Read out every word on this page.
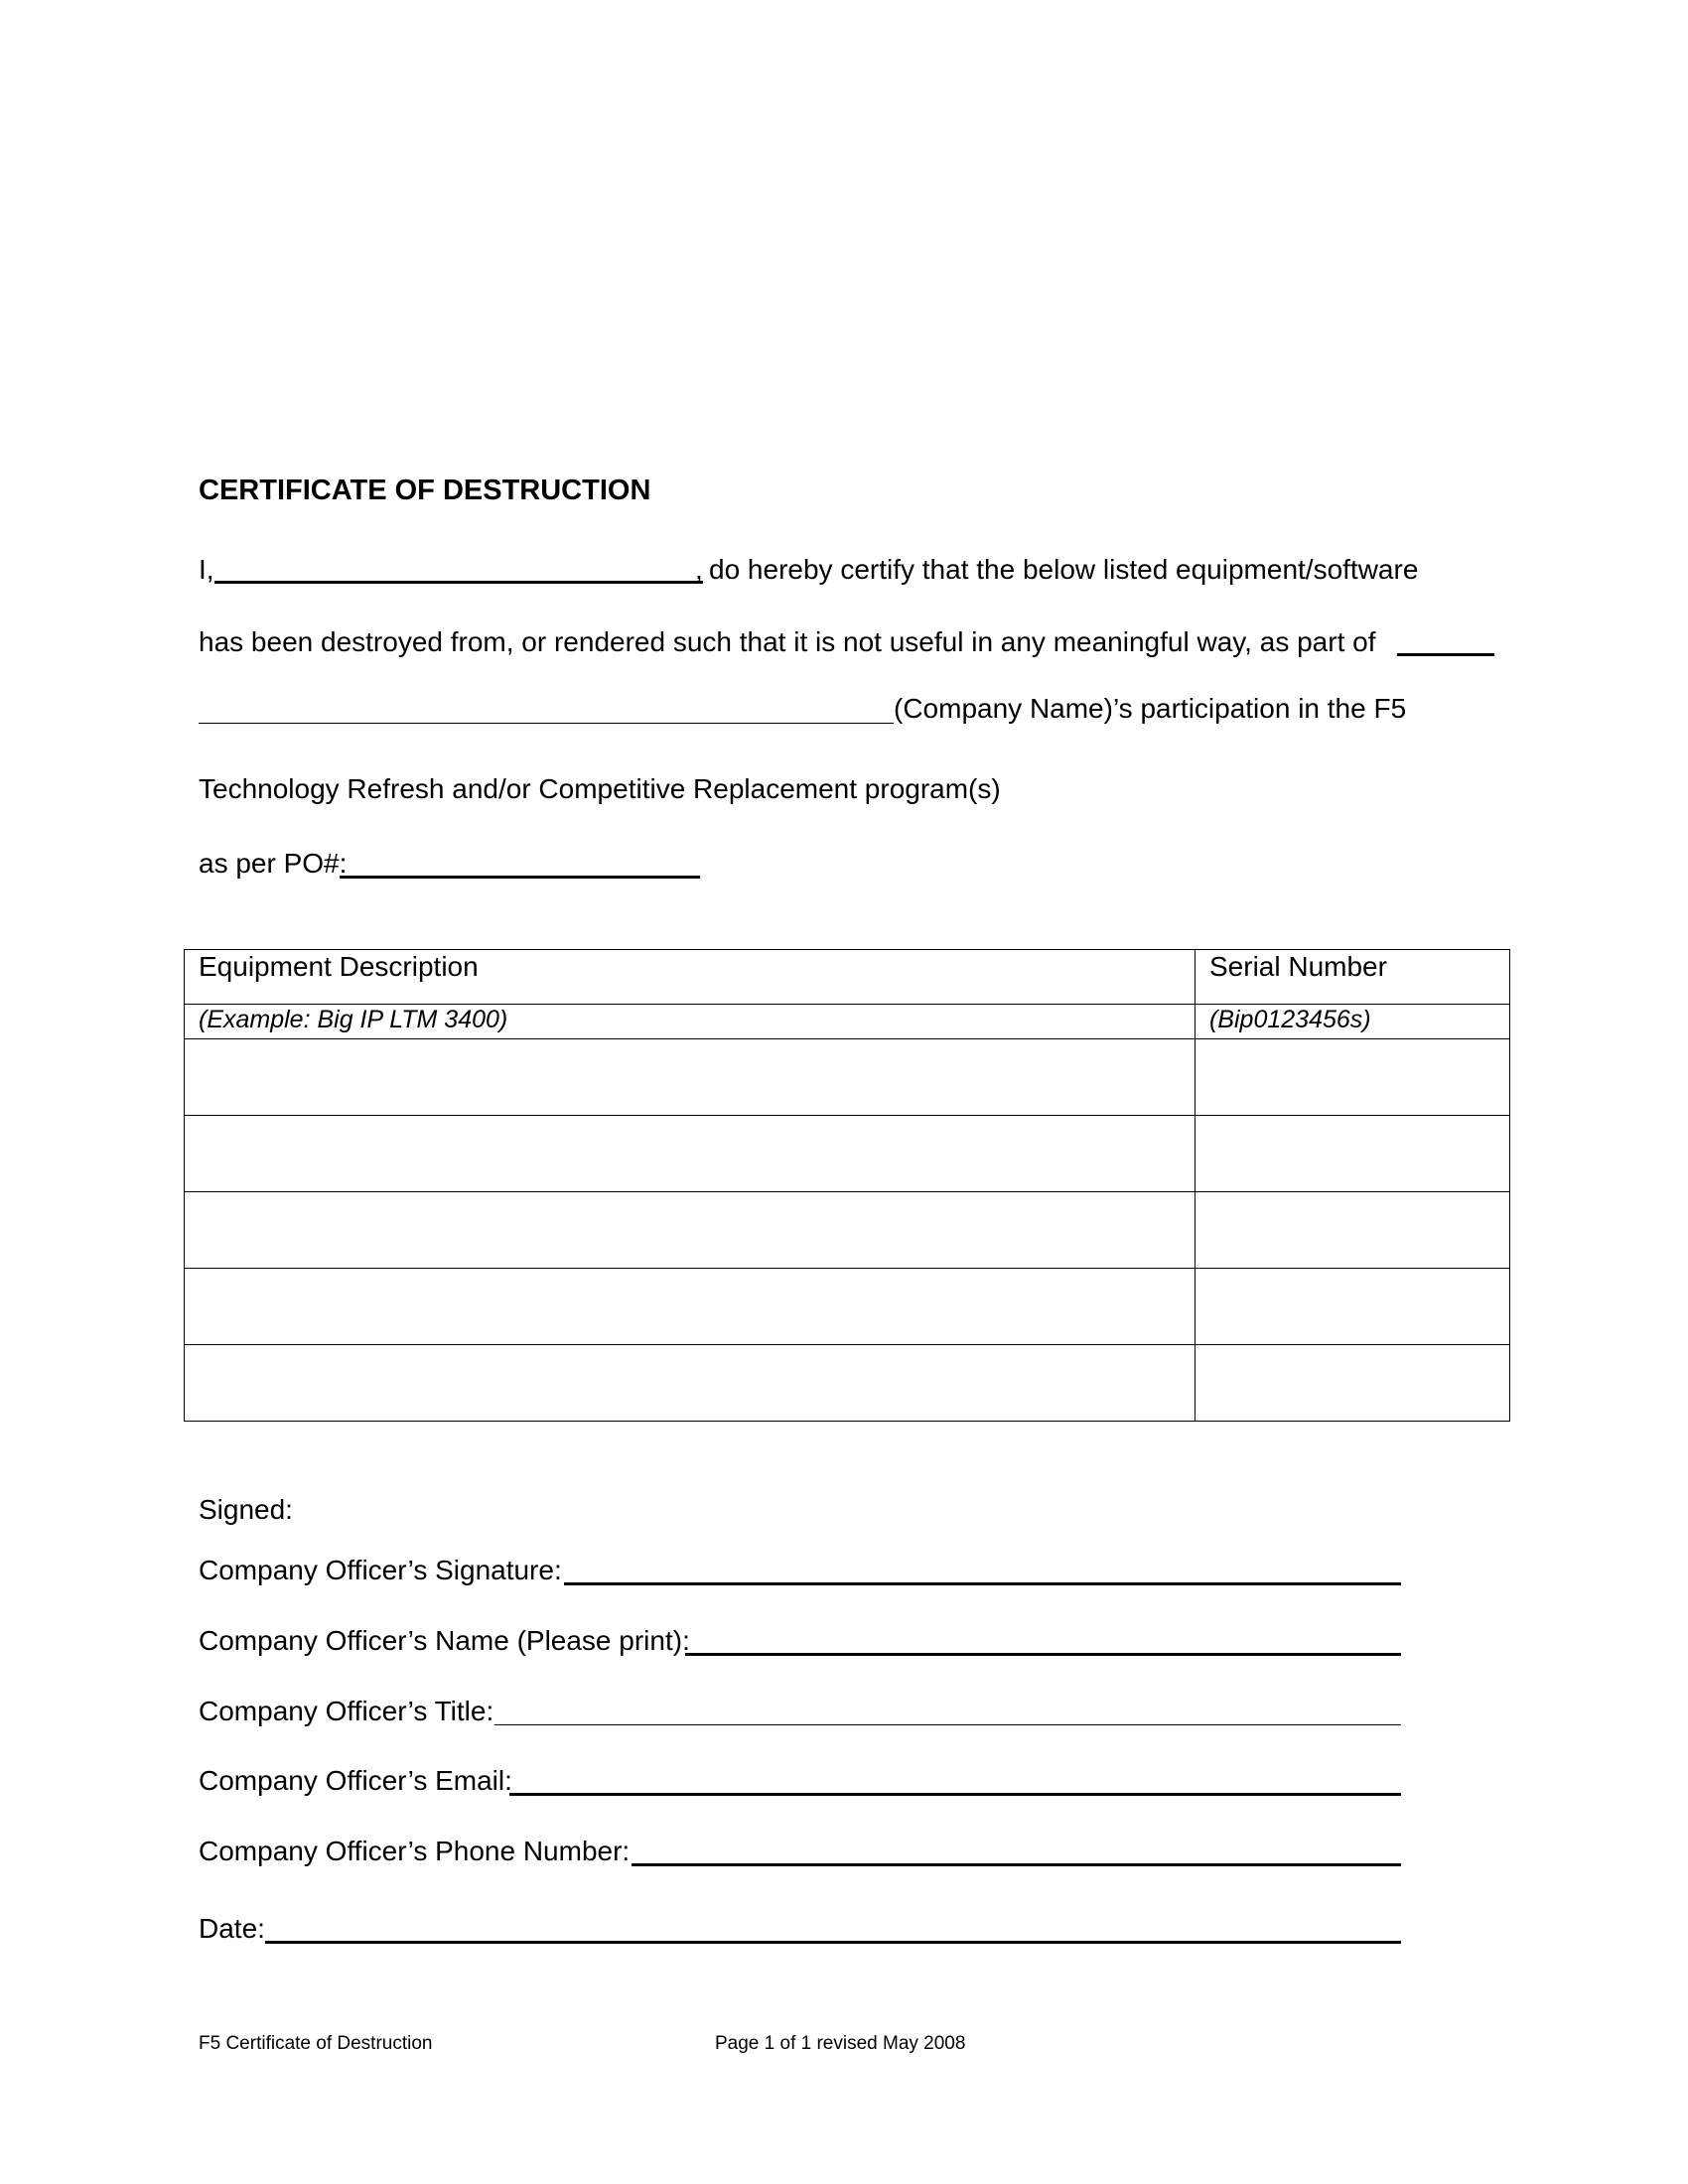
CERTIFICATE OF DESTRUCTION
I,	, do hereby certify that the below listed equipment/software
has been destroyed from, or rendered such that it is not useful in any meaningful way, as part of
(Company Name)’s participation in the F5
Technology Refresh and/or Competitive Replacement program(s)
as per PO#:
Equipment Description	Serial Number
(Example: Big IP LTM 3400)	(Bip0123456s)

Signed:
Company Officer’s Signature:
Company Officer’s Name (Please print):
Company Officer’s Title:
Company Officer’s Email:
Company Officer’s Phone Number:
Date:
F5 Certificate of Destruction	Page 1 of 1 revised May 2008
